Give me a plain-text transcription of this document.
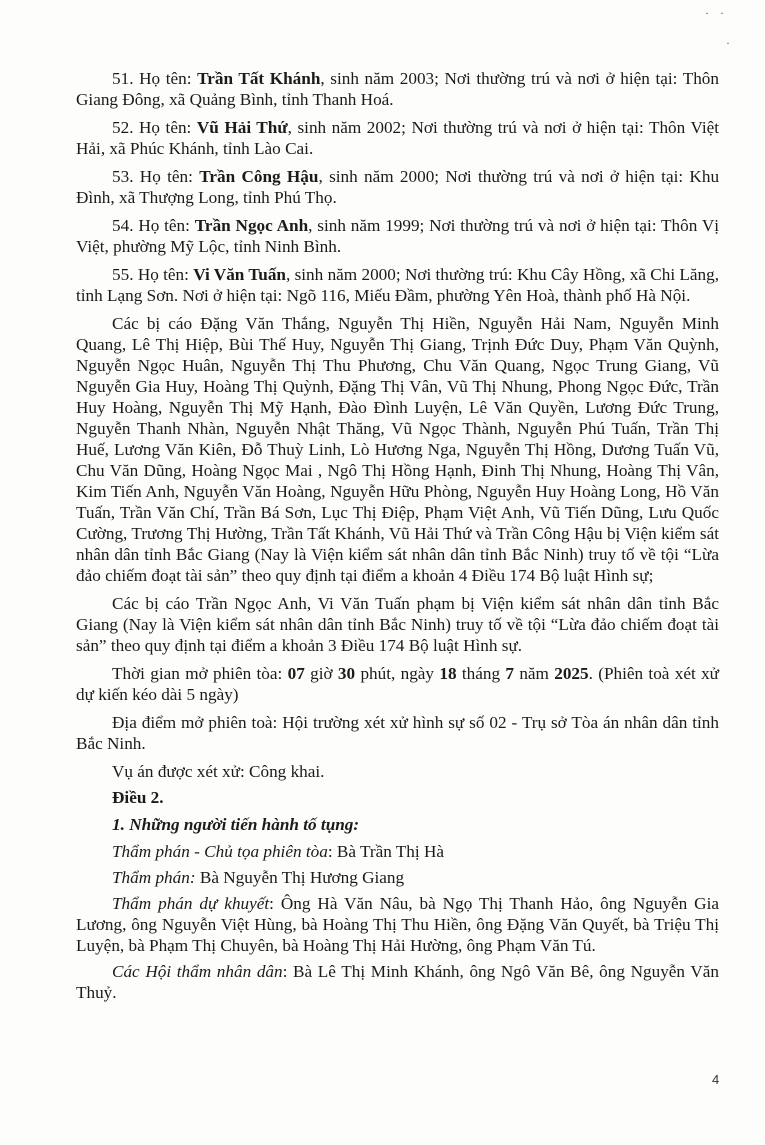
· ·

·

51. Họ tên: Trần Tất Khánh, sinh năm 2003; Nơi thường trú và nơi ở hiện tại: Thôn Giang Đông, xã Quảng Bình, tỉnh Thanh Hoá.

52. Họ tên: Vũ Hải Thứ, sinh năm 2002; Nơi thường trú và nơi ở hiện tại: Thôn Việt Hải, xã Phúc Khánh, tỉnh Lào Cai.

53. Họ tên: Trần Công Hậu, sinh năm 2000; Nơi thường trú và nơi ở hiện tại: Khu Đình, xã Thượng Long, tỉnh Phú Thọ.

54. Họ tên: Trần Ngọc Anh, sinh năm 1999; Nơi thường trú và nơi ở hiện tại: Thôn Vị Việt, phường Mỹ Lộc, tỉnh Ninh Bình.

55. Họ tên: Vi Văn Tuấn, sinh năm 2000; Nơi thường trú: Khu Cây Hồng, xã Chi Lăng, tỉnh Lạng Sơn. Nơi ở hiện tại: Ngõ 116, Miếu Đầm, phường Yên Hoà, thành phố Hà Nội.

Các bị cáo Đặng Văn Thắng, Nguyễn Thị Hiền, Nguyễn Hải Nam, Nguyễn Minh Quang, Lê Thị Hiệp, Bùi Thế Huy, Nguyễn Thị Giang, Trịnh Đức Duy, Phạm Văn Quỳnh, Nguyễn Ngọc Huân, Nguyễn Thị Thu Phương, Chu Văn Quang, Ngọc Trung Giang, Vũ Nguyễn Gia Huy, Hoàng Thị Quỳnh, Đặng Thị Vân, Vũ Thị Nhung, Phong Ngọc Đức, Trần Huy Hoàng, Nguyễn Thị Mỹ Hạnh, Đào Đình Luyện, Lê Văn Quyền, Lương Đức Trung, Nguyễn Thanh Nhàn, Nguyễn Nhật Thăng, Vũ Ngọc Thành, Nguyễn Phú Tuấn, Trần Thị Huế, Lương Văn Kiên, Đỗ Thuỳ Linh, Lò Hương Nga, Nguyễn Thị Hồng, Dương Tuấn Vũ, Chu Văn Dũng, Hoàng Ngọc Mai , Ngô Thị Hồng Hạnh, Đinh Thị Nhung, Hoàng Thị Vân, Kim Tiến Anh, Nguyễn Văn Hoàng, Nguyễn Hữu Phòng, Nguyễn Huy Hoàng Long, Hồ Văn Tuấn, Trần Văn Chí, Trần Bá Sơn, Lục Thị Điệp, Phạm Việt Anh, Vũ Tiến Dũng, Lưu Quốc Cường, Trương Thị Hường, Trần Tất Khánh, Vũ Hải Thứ và Trần Công Hậu bị Viện kiểm sát nhân dân tỉnh Bắc Giang (Nay là Viện kiểm sát nhân dân tỉnh Bắc Ninh) truy tố về tội “Lừa đảo chiếm đoạt tài sản” theo quy định tại điểm a khoản 4 Điều 174 Bộ luật Hình sự;

Các bị cáo Trần Ngọc Anh, Vi Văn Tuấn phạm bị Viện kiểm sát nhân dân tỉnh Bắc Giang (Nay là Viện kiểm sát nhân dân tỉnh Bắc Ninh) truy tố về tội “Lừa đảo chiếm đoạt tài sản” theo quy định tại điểm a khoản 3 Điều 174 Bộ luật Hình sự.

Thời gian mở phiên tòa: 07 giờ 30 phút, ngày 18 tháng 7 năm 2025. (Phiên toà xét xử dự kiến kéo dài 5 ngày)

Địa điểm mở phiên toà: Hội trường xét xử hình sự số 02 - Trụ sở Tòa án nhân dân tỉnh Bắc Ninh.

Vụ án được xét xử: Công khai.

Điều 2.

1. Những người tiến hành tố tụng:

Thẩm phán - Chủ tọa phiên tòa: Bà Trần Thị Hà

Thẩm phán: Bà Nguyễn Thị Hương Giang

Thẩm phán dự khuyết: Ông Hà Văn Nâu, bà Ngọ Thị Thanh Hảo, ông Nguyễn Gia Lương, ông Nguyễn Việt Hùng, bà Hoàng Thị Thu Hiền, ông Đặng Văn Quyết, bà Triệu Thị Luyện, bà Phạm Thị Chuyên, bà Hoàng Thị Hải Hường, ông Phạm Văn Tú.

Các Hội thẩm nhân dân: Bà Lê Thị Minh Khánh, ông Ngô Văn Bê, ông Nguyễn Văn Thuỷ.

4
